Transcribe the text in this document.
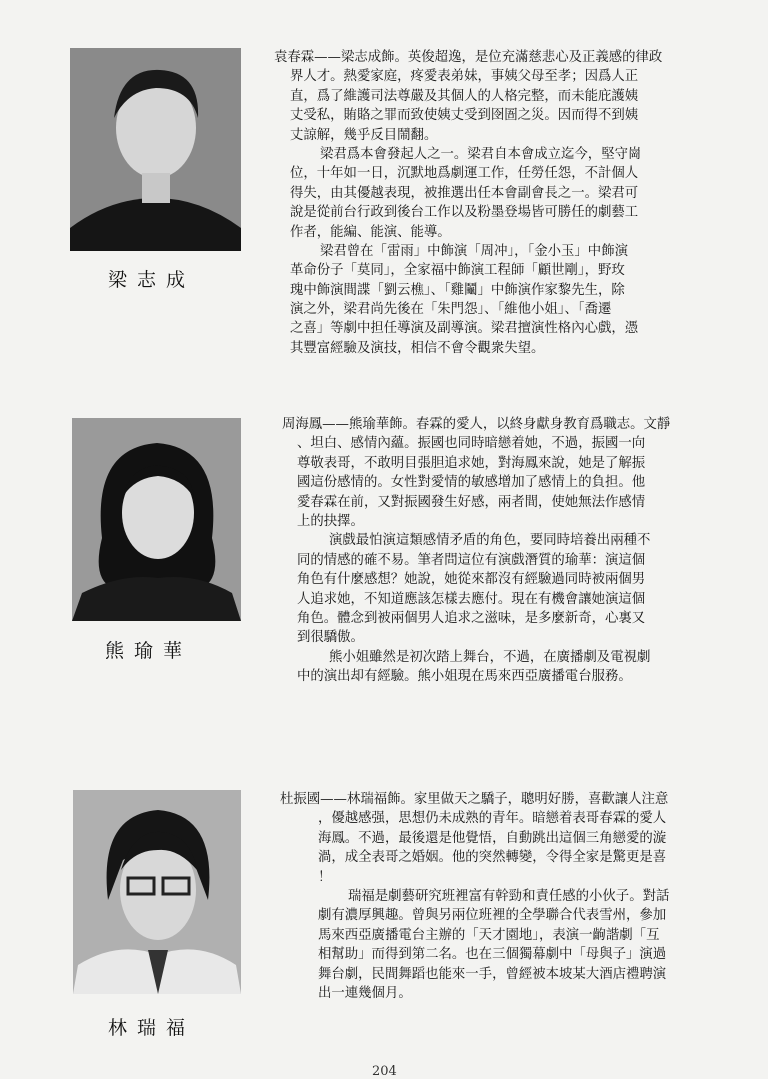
梁志成
熊瑜華
林瑞福
袁春霖——梁志成飾。英俊超逸，是位充滿慈悲心及正義感的律政
界人才。熱愛家庭，疼愛表弟妹，事姨父母至孝；因爲人正
直，爲了維護司法尊嚴及其個人的人格完整，而未能庇護姨
丈受私，賄賂之罪而致使姨丈受到囹圄之災。因而得不到姨
丈諒解，幾乎反目鬧翻。
梁君爲本會發起人之一。梁君自本會成立迄今，堅守崗
位，十年如一日，沉默地爲劇運工作，任勞任怨，不計個人
得失，由其優越表現，被推選出任本會副會長之一。梁君可
說是從前台行政到後台工作以及粉墨登場皆可勝任的劇藝工
作者，能編、能演、能導。
梁君曾在「雷雨」中飾演「周冲」，「金小玉」中飾演
革命份子「莫同」，全家福中飾演工程師「顧世剛」，野玫
瑰中飾演間諜「劉云樵」、「雞鬮」中飾演作家黎先生，除
演之外，梁君尚先後在「朱門怨」、「維他小姐」、「喬遷
之喜」等劇中担任導演及副導演。梁君擅演性格內心戲，憑
其豐富經驗及演技，相信不會令觀衆失望。
周海鳳——熊瑜華飾。春霖的愛人，以終身獻身教育爲職志。文靜
、坦白、感情內蘊。振國也同時暗戀着她，不過，振國一向
尊敬表哥，不敢明目張胆追求她，對海鳳來說，她是了解振
國這份感情的。女性對愛情的敏感增加了感情上的負担。他
愛春霖在前，又對振國發生好感，兩者間，使她無法作感情
上的抉擇。
演戲最怕演這類感情矛盾的角色，要同時培養出兩種不
同的情感的確不易。筆者問這位有演戲潛質的瑜華：演這個
角色有什麼感想？她說，她從來都沒有經驗過同時被兩個男
人追求她，不知道應該怎樣去應付。現在有機會讓她演這個
角色。體念到被兩個男人追求之滋味，是多麼新奇，心裏又
到很驕傲。
熊小姐雖然是初次踏上舞台，不過，在廣播劇及電視劇
中的演出却有經驗。熊小姐現在馬來西亞廣播電台服務。
杜振國——林瑞福飾。家里做天之驕子，聰明好勝，喜歡讓人注意
，優越感强，思想仍未成熟的青年。暗戀着表哥春霖的愛人
海鳳。不過，最後還是他覺悟，自動跳出這個三角戀愛的漩
渦，成全表哥之婚姻。他的突然轉變，令得全家是驚更是喜
！
瑞福是劇藝研究班裡富有幹勁和責任感的小伙子。對話
劇有濃厚興趣。曾與另兩位班裡的全學聯合代表雪州，參加
馬來西亞廣播電台主辦的「天才園地」，表演一齣諧劇「互
相幫助」而得到第二名。也在三個獨幕劇中「母與子」演過
舞台劇，民間舞蹈也能來一手，曾經被本坡某大酒店禮聘演
出一連幾個月。
204
